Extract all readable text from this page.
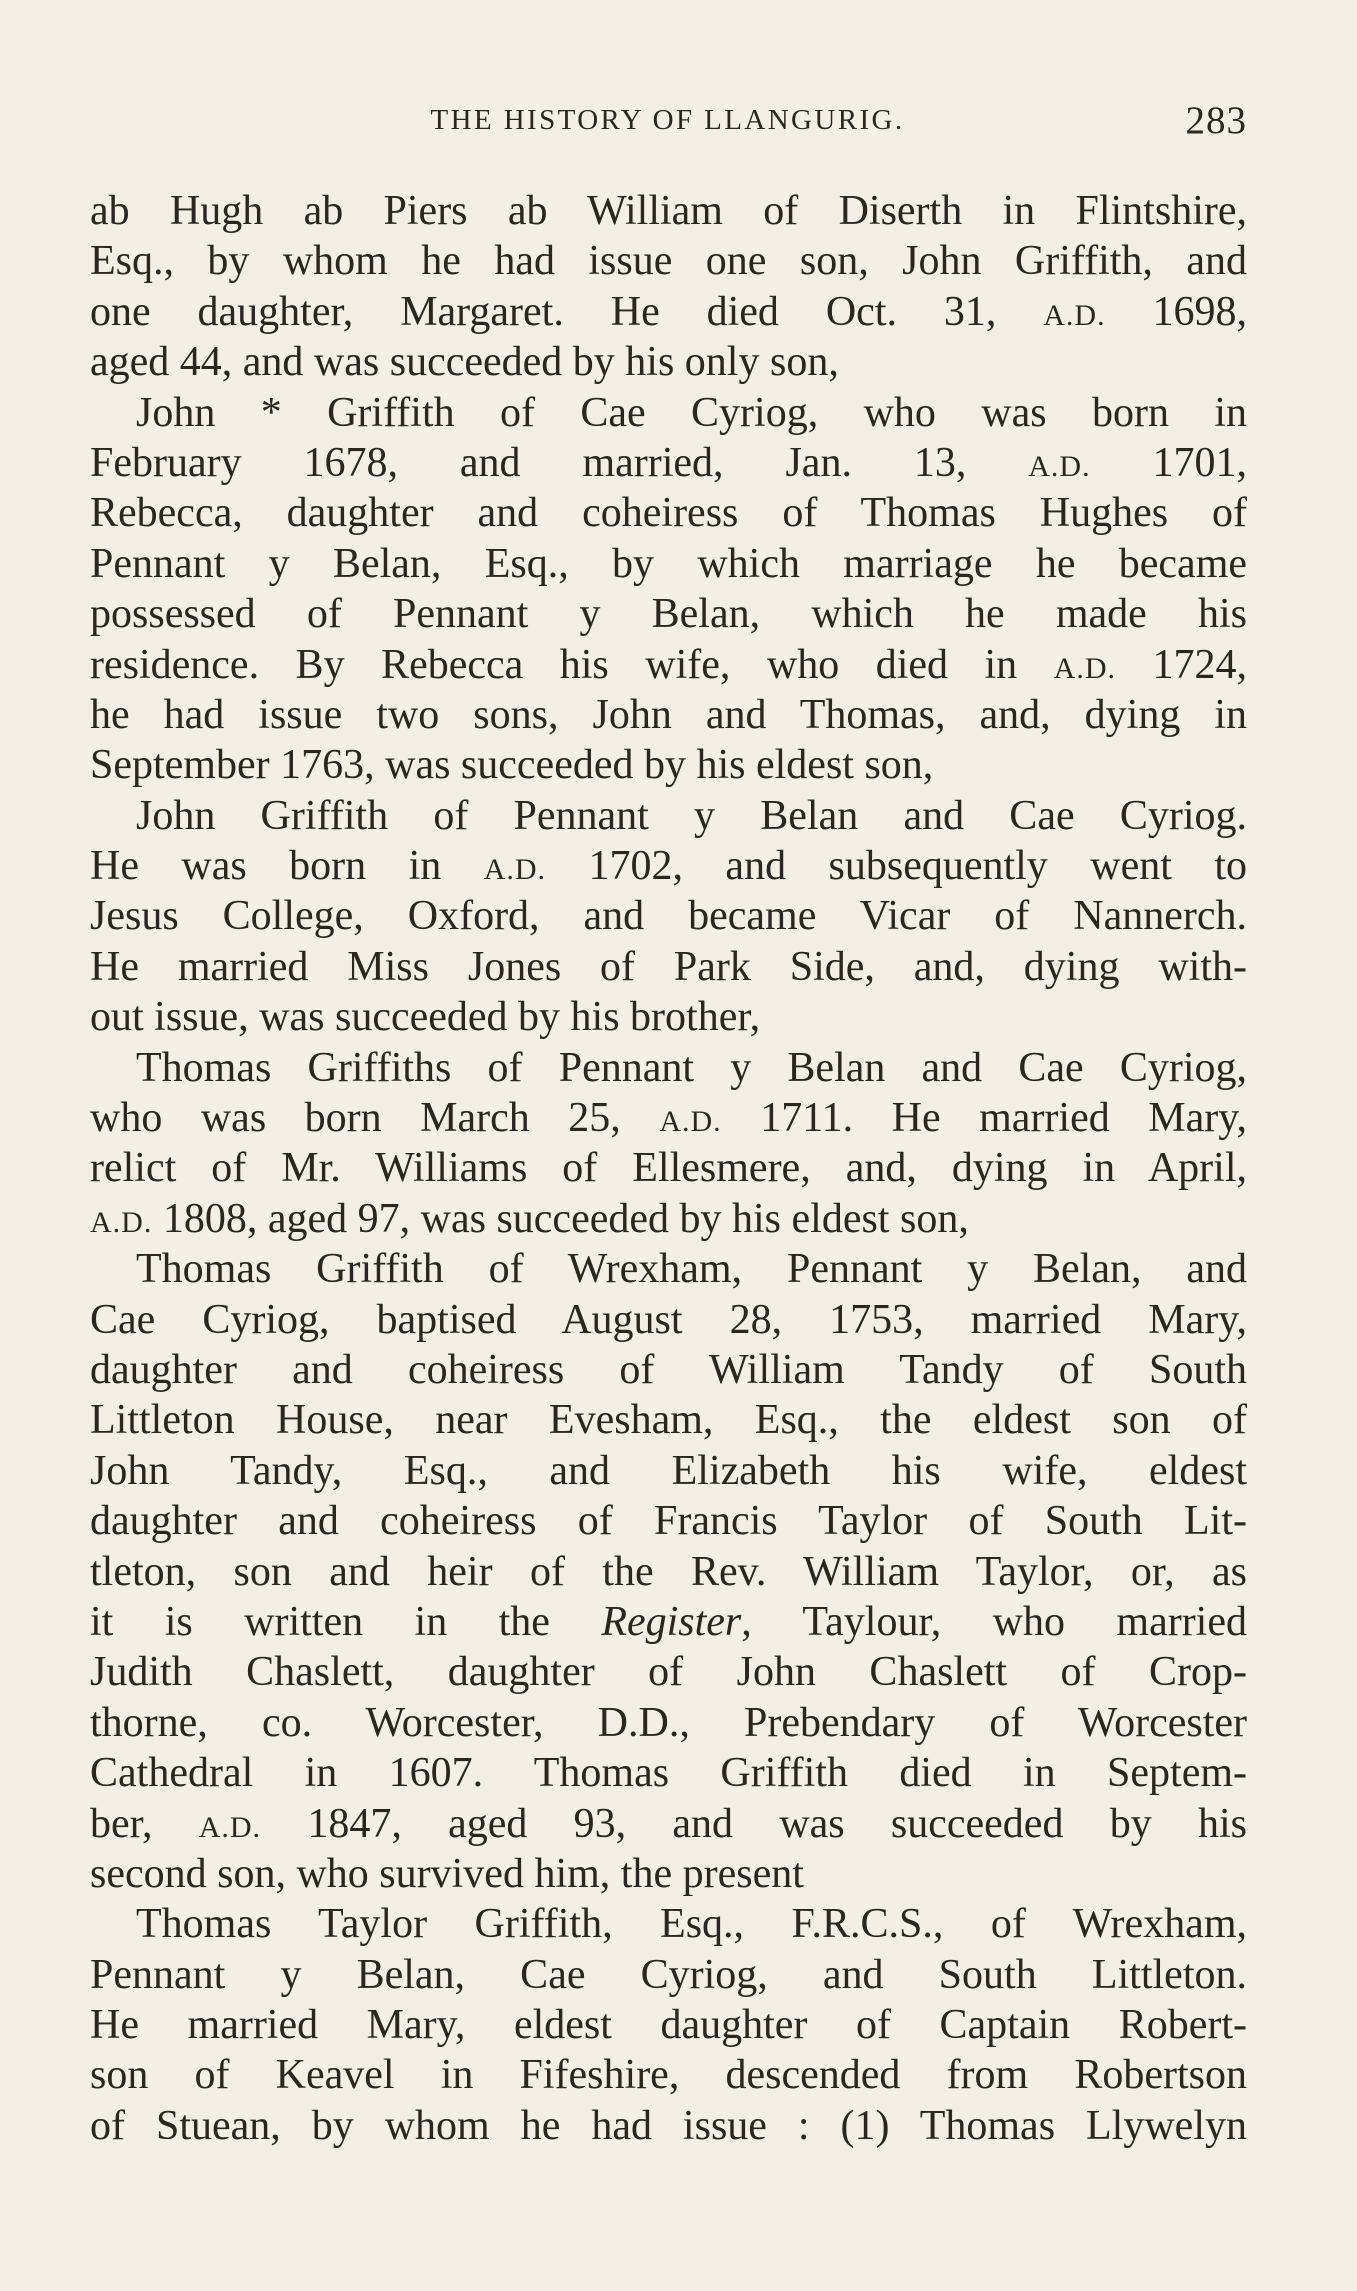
THE HISTORY OF LLANGURIG.	283
ab Hugh ab Piers ab William of Diserth in Flintshire,
Esq., by whom he had issue one son, John Griffith, and
one daughter, Margaret. He died Oct. 31, A.D. 1698,
aged 44, and was succeeded by his only son,
John * Griffith of Cae Cyriog, who was born in
February 1678, and married, Jan. 13, A.D. 1701,
Rebecca, daughter and coheiress of Thomas Hughes of
Pennant y Belan, Esq., by which marriage he became
possessed of Pennant y Belan, which he made his
residence. By Rebecca his wife, who died in A.D. 1724,
he had issue two sons, John and Thomas, and, dying in
September 1763, was succeeded by his eldest son,
John Griffith of Pennant y Belan and Cae Cyriog.
He was born in A.D. 1702, and subsequently went to
Jesus College, Oxford, and became Vicar of Nannerch.
He married Miss Jones of Park Side, and, dying with-
out issue, was succeeded by his brother,
Thomas Griffiths of Pennant y Belan and Cae Cyriog,
who was born March 25, A.D. 1711. He married Mary,
relict of Mr. Williams of Ellesmere, and, dying in April,
A.D. 1808, aged 97, was succeeded by his eldest son,
Thomas Griffith of Wrexham, Pennant y Belan, and
Cae Cyriog, baptised August 28, 1753, married Mary,
daughter and coheiress of William Tandy of South
Littleton House, near Evesham, Esq., the eldest son of
John Tandy, Esq., and Elizabeth his wife, eldest
daughter and coheiress of Francis Taylor of South Lit-
tleton, son and heir of the Rev. William Taylor, or, as
it is written in the Register, Taylour, who married
Judith Chaslett, daughter of John Chaslett of Crop-
thorne, co. Worcester, D.D., Prebendary of Worcester
Cathedral in 1607. Thomas Griffith died in Septem-
ber, A.D. 1847, aged 93, and was succeeded by his
second son, who survived him, the present
Thomas Taylor Griffith, Esq., F.R.C.S., of Wrexham,
Pennant y Belan, Cae Cyriog, and South Littleton.
He married Mary, eldest daughter of Captain Robert-
son of Keavel in Fifeshire, descended from Robertson
of Stuean, by whom he had issue : (1) Thomas Llywelyn
